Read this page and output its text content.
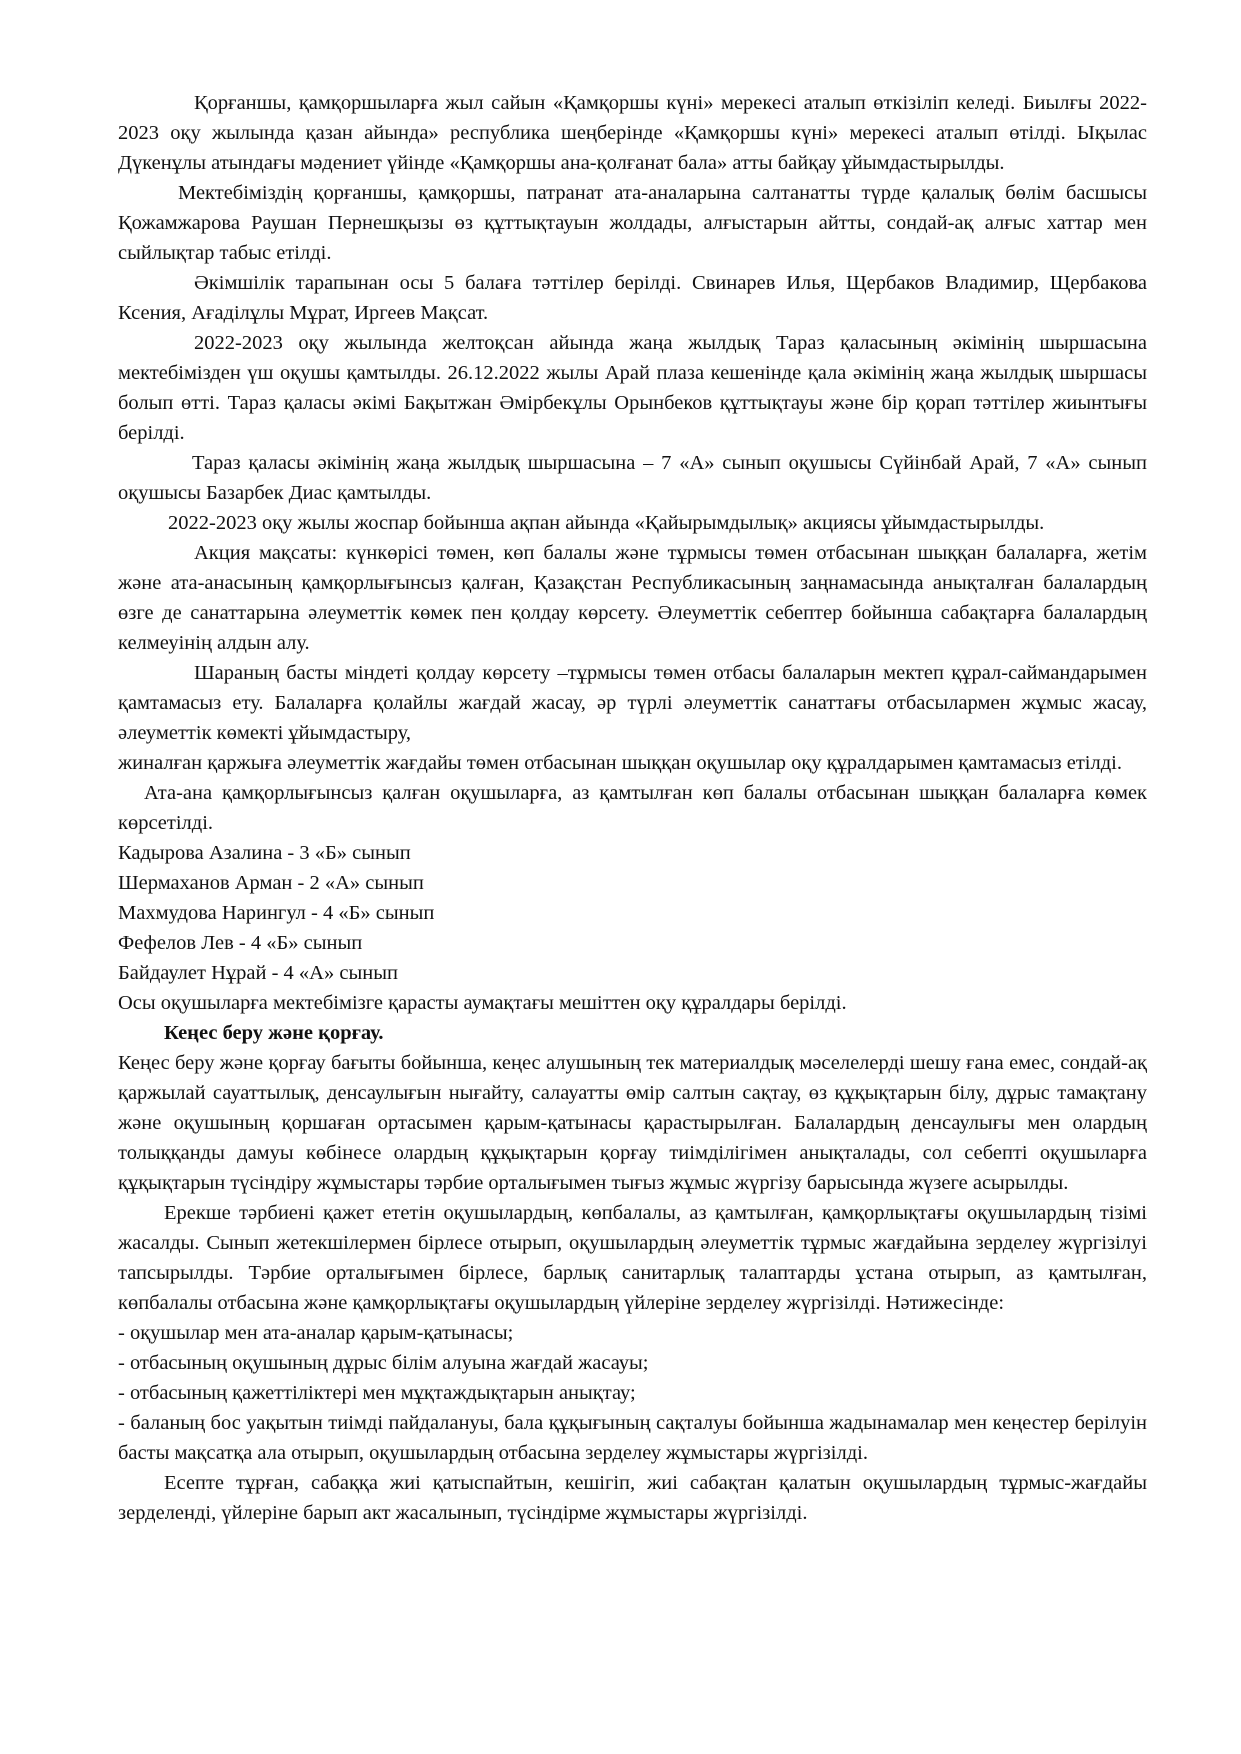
Қорғаншы, қамқоршыларға жыл сайын «Қамқоршы күні» мерекесі аталып өткізіліп келеді. Биылғы 2022-2023 оқу жылында қазан айында» республика шеңберінде «Қамқоршы күні» мерекесі аталып өтілді. Ықылас Дүкенұлы атындағы мәдениет үйінде «Қамқоршы ана-қолғанат бала» атты байқау ұйымдастырылды.

Мектебіміздің қорғаншы, қамқоршы, патранат ата-аналарына салтанатты түрде қалалық бөлім басшысы Қожамжарова Раушан Пернешқызы өз құттықтауын жолдады, алғыстарын айтты, сондай-ақ алғыс хаттар мен сыйлықтар табыс етілді.

Әкімшілік тарапынан осы 5 балаға тәттілер берілді. Свинарев Илья, Щербаков Владимир, Щербакова Ксения, Ағаділұлы Мұрат, Иргеев Мақсат.

2022-2023 оқу жылында желтоқсан айында жаңа жылдық Тараз қаласының әкімінің шыршасына мектебімізден үш оқушы қамтылды. 26.12.2022 жылы Арай плаза кешенінде қала әкімінің жаңа жылдық шыршасы болып өтті. Тараз қаласы әкімі Бақытжан Әмірбекұлы Орынбеков құттықтауы және бір қорап тәттілер жиынтығы берілді.

Тараз қаласы әкімінің жаңа жылдық шыршасына – 7 «А» сынып оқушысы Сүйінбай Арай, 7 «А» сынып оқушысы Базарбек Диас қамтылды.

2022-2023 оқу жылы жоспар бойынша ақпан айында «Қайырымдылық» акциясы ұйымдастырылды.

Акция мақсаты: күнкөрісі төмен, көп балалы және тұрмысы төмен отбасынан шыққан балаларға, жетім және ата-анасының қамқорлығынсыз қалған, Қазақстан Республикасының заңнамасында анықталған балалардың өзге де санаттарына әлеуметтік көмек пен қолдау көрсету. Әлеуметтік себептер бойынша сабақтарға балалардың келмеуінің алдын алу.

Шараның басты міндеті қолдау көрсету –тұрмысы төмен отбасы балаларын мектеп құрал-саймандарымен қамтамасыз ету. Балаларға қолайлы жағдай жасау, әр түрлі әлеуметтік санаттағы отбасылармен жұмыс жасау, әлеуметтік көмекті ұйымдастыру,

жиналған қаржыға әлеуметтік жағдайы төмен отбасынан шыққан оқушылар оқу құралдарымен қамтамасыз етілді.

Ата-ана қамқорлығынсыз қалған оқушыларға, аз қамтылған көп балалы отбасынан шыққан балаларға көмек көрсетілді.

Кадырова Азалина - 3 «Б» сынып

Шермаханов Арман - 2 «А» сынып

Махмудова Нарингул - 4 «Б» сынып

Фефелов Лев - 4 «Б» сынып

Байдаулет Нұрай - 4 «А» сынып

Осы оқушыларға мектебімізге қарасты аумақтағы мешіттен оқу құралдары берілді.

Кеңес беру және қорғау.

Кеңес беру және қорғау бағыты бойынша, кеңес алушының тек материалдық мәселелерді шешу ғана емес, сондай-ақ қаржылай сауаттылық, денсаулығын нығайту, салауатты өмір салтын сақтау, өз құқықтарын білу, дұрыс тамақтану және оқушының қоршаған ортасымен қарым-қатынасы қарастырылған. Балалардың денсаулығы мен олардың толыққанды дамуы көбінесе олардың құқықтарын қорғау тиімділігімен анықталады, сол себепті оқушыларға құқықтарын түсіндіру жұмыстары тәрбие орталығымен тығыз жұмыс жүргізу барысында жүзеге асырылды.

Ерекше тәрбиені қажет ететін оқушылардың, көпбалалы, аз қамтылған, қамқорлықтағы оқушылардың тізімі жасалды. Сынып жетекшілермен бірлесе отырып, оқушылардың әлеуметтік тұрмыс жағдайына зерделеу жүргізілуі тапсырылды. Тәрбие орталығымен бірлесе, барлық санитарлық талаптарды ұстана отырып, аз қамтылған, көпбалалы отбасына және қамқорлықтағы оқушылардың үйлеріне зерделеу жүргізілді. Нәтижесінде:

- оқушылар мен ата-аналар қарым-қатынасы;

- отбасының оқушының дұрыс білім алуына жағдай жасауы;

- отбасының қажеттіліктері мен мұқтаждықтарын анықтау;

- баланың бос уақытын тиімді пайдалануы, бала құқығының сақталуы бойынша жадынамалар мен кеңестер берілуін басты мақсатқа ала отырып, оқушылардың отбасына зерделеу жұмыстары жүргізілді.

Есепте тұрған, сабаққа жиі қатыспайтын, кешігіп, жиі сабақтан қалатын оқушылардың тұрмыс-жағдайы зерделенді, үйлеріне барып акт жасалынып, түсіндірме жұмыстары жүргізілді.
